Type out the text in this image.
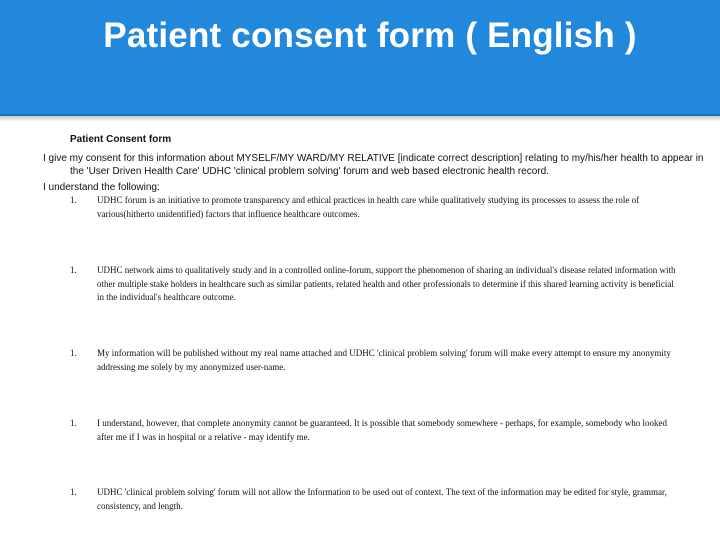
Patient consent form ( English )

Patient Consent form

I give my consent for this information about MYSELF/MY WARD/MY RELATIVE [indicate correct description] relating to my/his/her health to appear in the 'User Driven Health Care' UDHC 'clinical problem solving' forum and web based electronic health record.

I understand the following:

1.	UDHC forum is an initiative to promote transparency and ethical practices in health care while qualitatively studying its processes to assess the role of various(hitherto unidentified) factors that influence healthcare outcomes.
1.	UDHC network aims to qualitatively study and in a controlled online-forum, support the phenomenon of sharing an individual's disease related information with other multiple stake holders in healthcare such as similar patients, related health and other professionals to determine if this shared learning activity is beneficial in the individual's healthcare outcome.
1.	My information will be published without my real name attached and UDHC 'clinical problem solving' forum will make every attempt to ensure my anonymity addressing me solely by my anonymized user-name.
1.	I understand, however, that complete anonymity cannot be guaranteed. It is possible that somebody somewhere - perhaps, for example, somebody who looked after me if I was in hospital or a relative - may identify me.
1.	UDHC 'clinical problem solving' forum will not allow the Information to be used out of context. The text of the information may be edited for style, grammar, consistency, and length.
